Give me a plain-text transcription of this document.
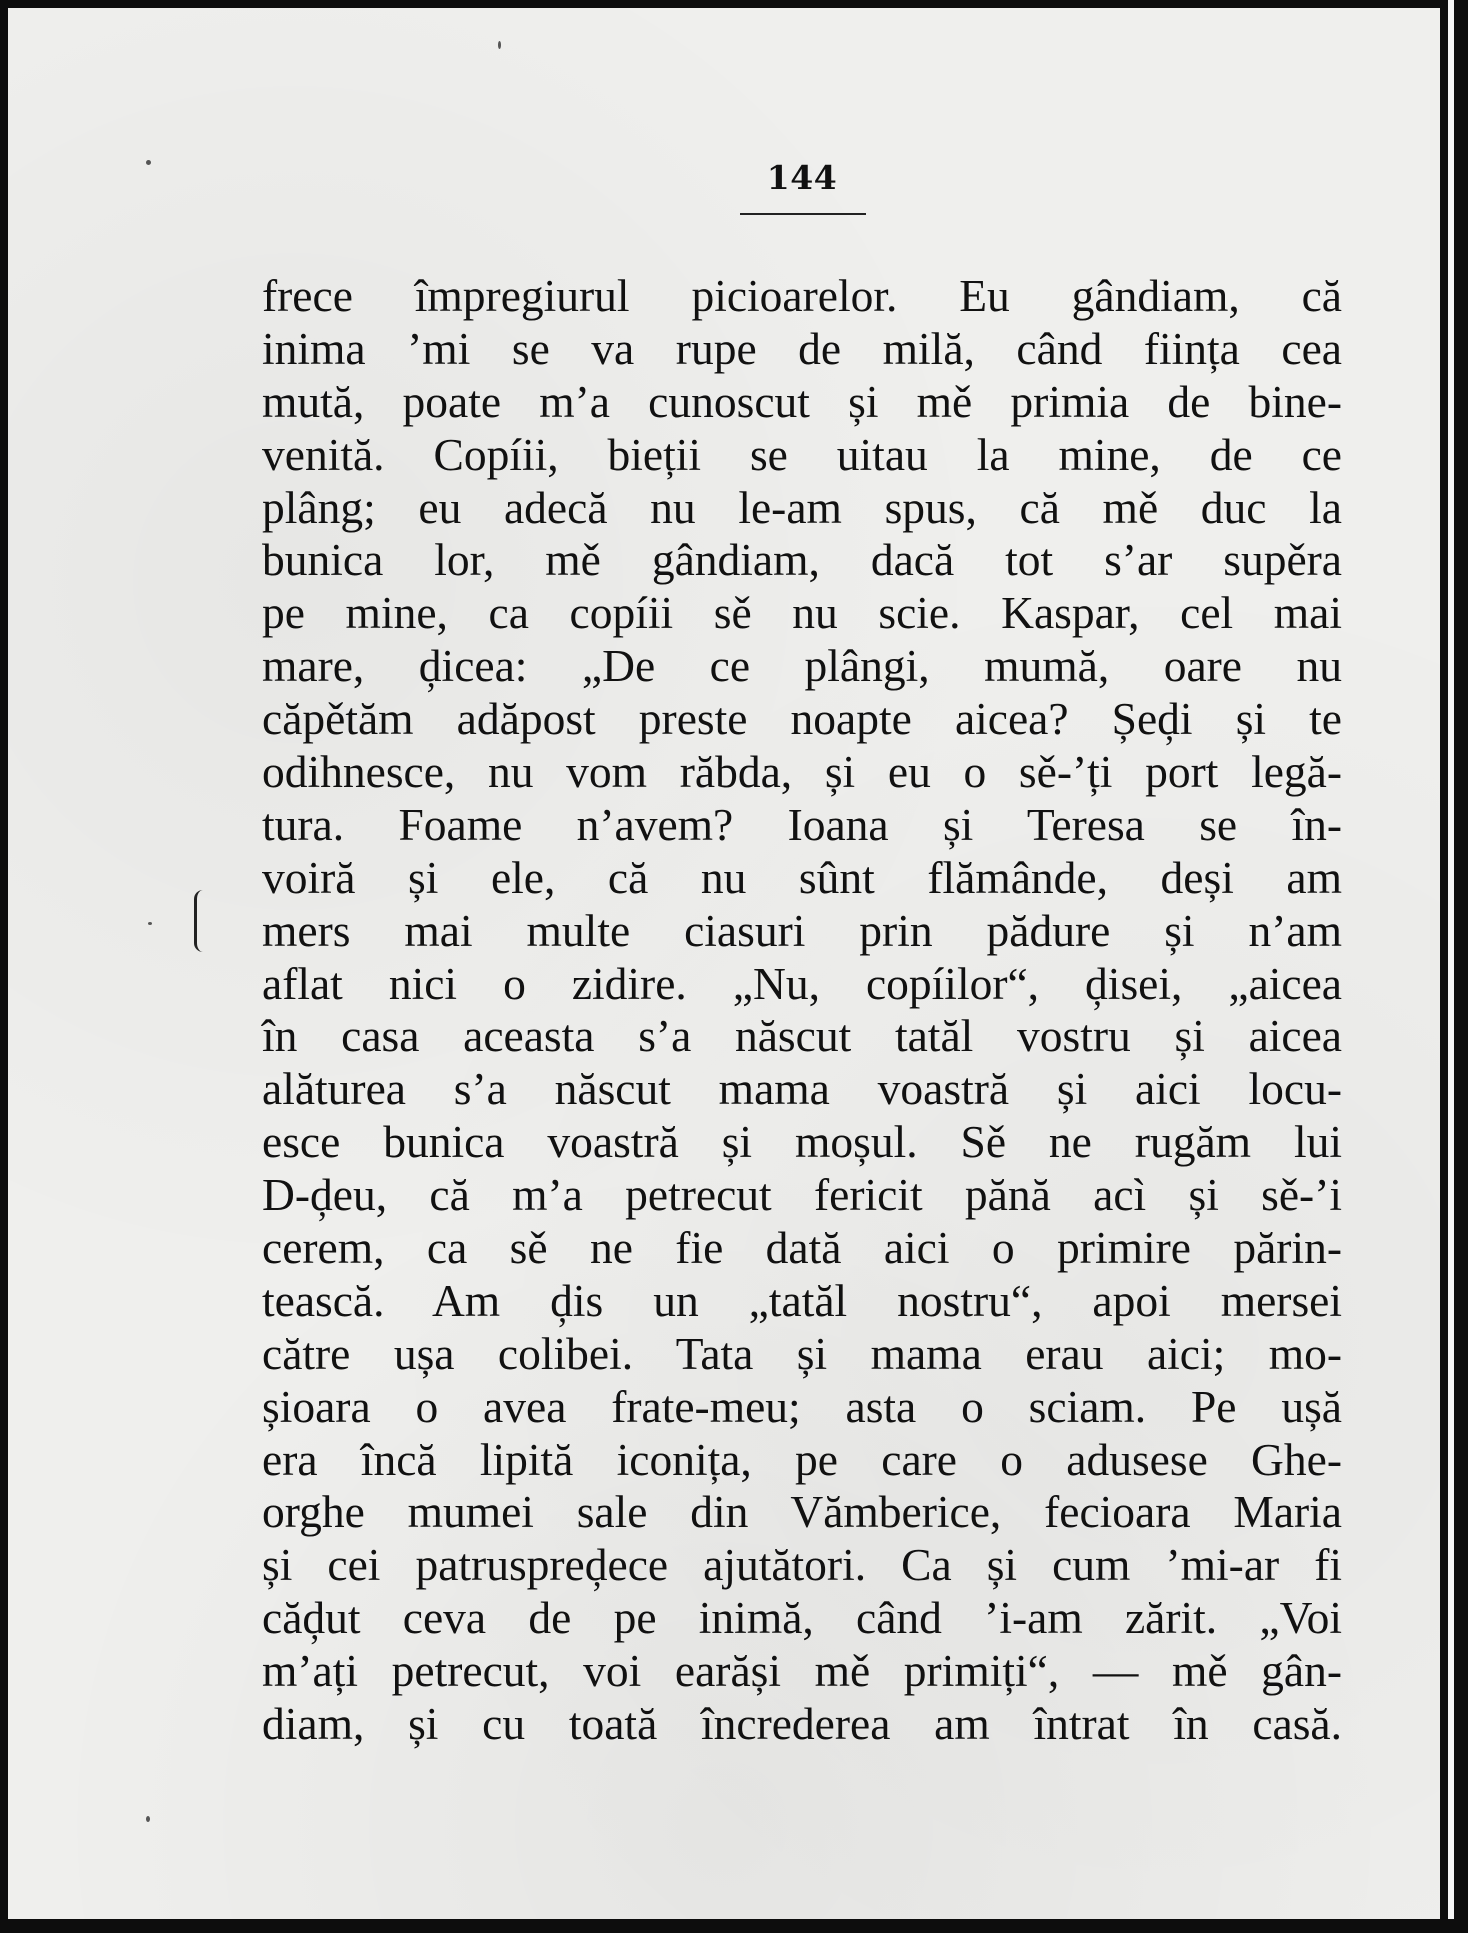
144
frece împregiurul picioarelor. Eu gândiam, că
inima ’mi se va rupe de milă, când ființa cea
mută, poate m’a cunoscut și mě primia de bine-
venită. Copíii, bieții se uitau la mine, de ce
plâng; eu adecă nu le-am spus, că mě duc la
bunica lor, mě gândiam, dacă tot s’ar supěra
pe mine, ca copíii sě nu scie. Kaspar, cel mai
mare, ḑicea: „De ce plângi, mumă, oare nu
căpětăm adăpost preste noapte aicea? Șeḑi și te
odihnesce, nu vom răbda, și eu o sě-’ți port legă-
tura. Foame n’avem? Ioana și Teresa se în-
voiră și ele, că nu sûnt flămânde, deși am
mers mai multe ciasuri prin pădure și n’am
aflat nici o zidire. „Nu, copíilor“, ḑisei, „aicea
în casa aceasta s’a născut tatăl vostru și aicea
alăturea s’a născut mama voastră și aici locu-
esce bunica voastră și moșul. Sě ne rugăm lui
D-ḑeu, că m’a petrecut fericit pănă acì și sě-’i
cerem, ca sě ne fie dată aici o primire părin-
tească. Am ḑis un „tatăl nostru“, apoi mersei
către ușa colibei. Tata și mama erau aici; mo-
șioara o avea frate-meu; asta o sciam. Pe ușă
era încă lipită iconița, pe care o adusese Ghe-
orghe mumei sale din Vămberice, fecioara Maria
și cei patruspreḑece ajutători. Ca și cum ’mi-ar fi
căḑut ceva de pe inimă, când ’i-am zărit. „Voi
m’ați petrecut, voi earăși mě primiți“, — mě gân-
diam, și cu toată încrederea am întrat în casă.
